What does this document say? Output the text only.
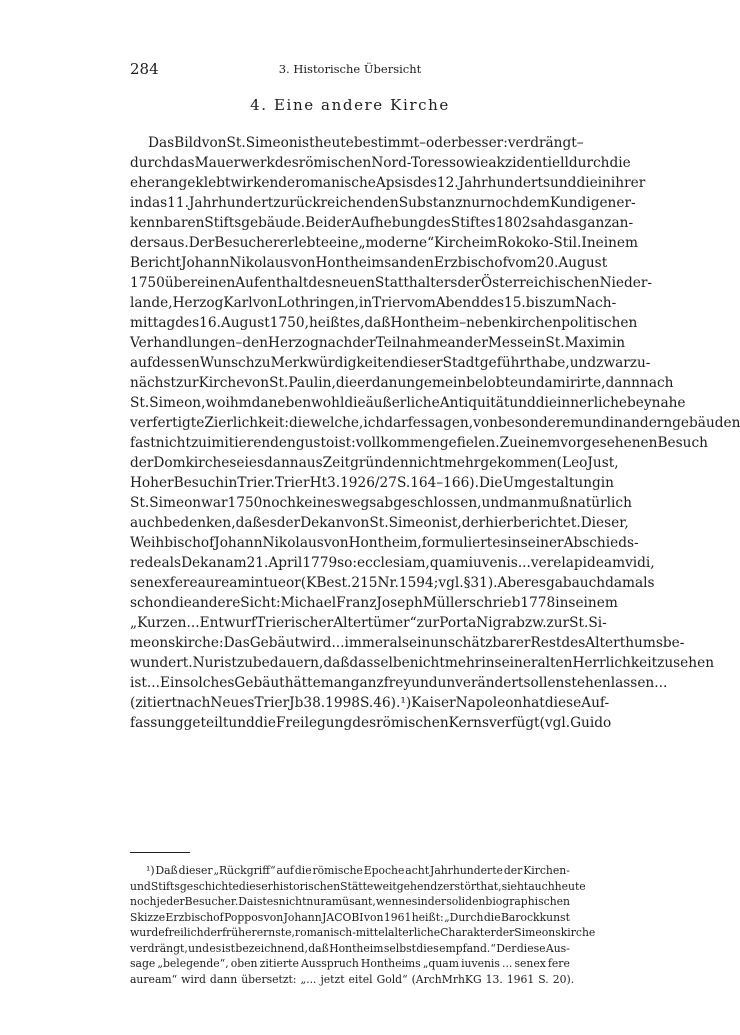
284	3. Historische Übersicht
4. Eine andere Kirche
Das Bild von St. Simeon ist heute bestimmt – oder besser: verdrängt –
durch das Mauerwerk des römischen Nord-Tores sowie akzidentiell durch die
eher angeklebt wirkende romanische Apsis des 12. Jahrhunderts und die in ihrer
in das 11. Jahrhundert zurückreichenden Substanz nur noch dem Kundigen er-
kennbaren Stiftsgebäude. Bei der Aufhebung des Stiftes 1802 sah das ganz an-
ders aus. Der Besucher erlebte eine „moderne“ Kirche im Rokoko-Stil. In einem
Bericht Johann Nikolaus von Hontheims an den Erzbischof vom 20. August
1750 über einen Aufenthalt des neuen Statthalters der Österreichischen Nieder-
lande, Herzog Karl von Lothringen, in Trier vom Abend des 15. bis zum Nach-
mittag des 16. August 1750, heißt es, daß Hontheim – neben kirchenpolitischen
Verhandlungen – den Herzog nach der Teilnahme an der Messe in St. Maximin
auf dessen Wunsch zu Merkwürdigkeiten dieser Stadt geführt habe, und zwar zu-
nächst zur Kirche von St. Paulin, die er dan ungemein belobte und amirirte, dann nach
St. Simeon, wo ihm dan ebenwohl die äußerliche Antiquität und die innerliche beynahe
verfertigte Zierlichkeit: die welche, ich darf es sagen, von besonderem und in andern gebäuden
fast nicht zu imitierenden gusto ist: vollkommen gefielen. Zu einem vorgesehenen Besuch
der Domkirche sei es dann aus Zeitgründen nicht mehr gekommen (Leo Just,
Hoher Besuch in Trier. TrierHt 3. 1926/27 S. 164–166). Die Umgestaltung in
St. Simeon war 1750 noch keineswegs abgeschlossen, und man muß natürlich
auch bedenken, daß es der Dekan von St. Simeon ist, der hier berichtet. Dieser,
Weihbischof Johann Nikolaus von Hontheim, formuliert es in seiner Abschieds-
rede als Dekan am 21. April 1779 so: ecclesiam, quam iuvenis ... vere lapideam vidi,
senex fere auream intueor (K Best. 215 Nr. 1594; vgl. § 31). Aber es gab auch damals
schon die andere Sicht: Michael Franz Joseph Müller schrieb 1778 in seinem
„Kurzen ... Entwurf Trierischer Altertümer“ zur Porta Nigra bzw. zur St. Si-
meonskirche: Das Gebäut wird ... immer als ein unschätzbarer Rest des Alterthums be-
wundert. Nur ist zu bedauern, daß dasselbe nicht mehr in seiner alten Herrlichkeit zu sehen
ist ... Ein solches Gebäut hätte man ganz frey und unverändert sollen stehen lassen ...
(zitiert nach NeuesTrierJb 38. 1998 S. 46).¹) Kaiser Napoleon hat diese Auf-
fassung geteilt und die Freilegung des römischen Kerns verfügt (vgl. Guido
¹) Daß dieser „Rückgriff“ auf die römische Epoche acht Jahrhunderte der Kirchen-
und Stiftsgeschichte dieser historischen Stätte weitgehend zerstört hat, sieht auch heute
noch jeder Besucher. Da ist es nicht nur amüsant, wenn es in der soliden biographischen
Skizze Erzbischof Poppos von Johann JACOBI von 1961 heißt: „Durch die Barockkunst
wurde freilich der früher ernste, romanisch-mittelalterliche Charakter der Simeonskirche
verdrängt, und es ist bezeichnend, daß Hontheim selbst dies empfand.“ Der diese Aus-
sage „belegende“, oben zitierte Ausspruch Hontheims „quam iuvenis ... senex fere
auream“ wird dann übersetzt: „... jetzt eitel Gold“ (ArchMrhKG 13. 1961 S. 20).
